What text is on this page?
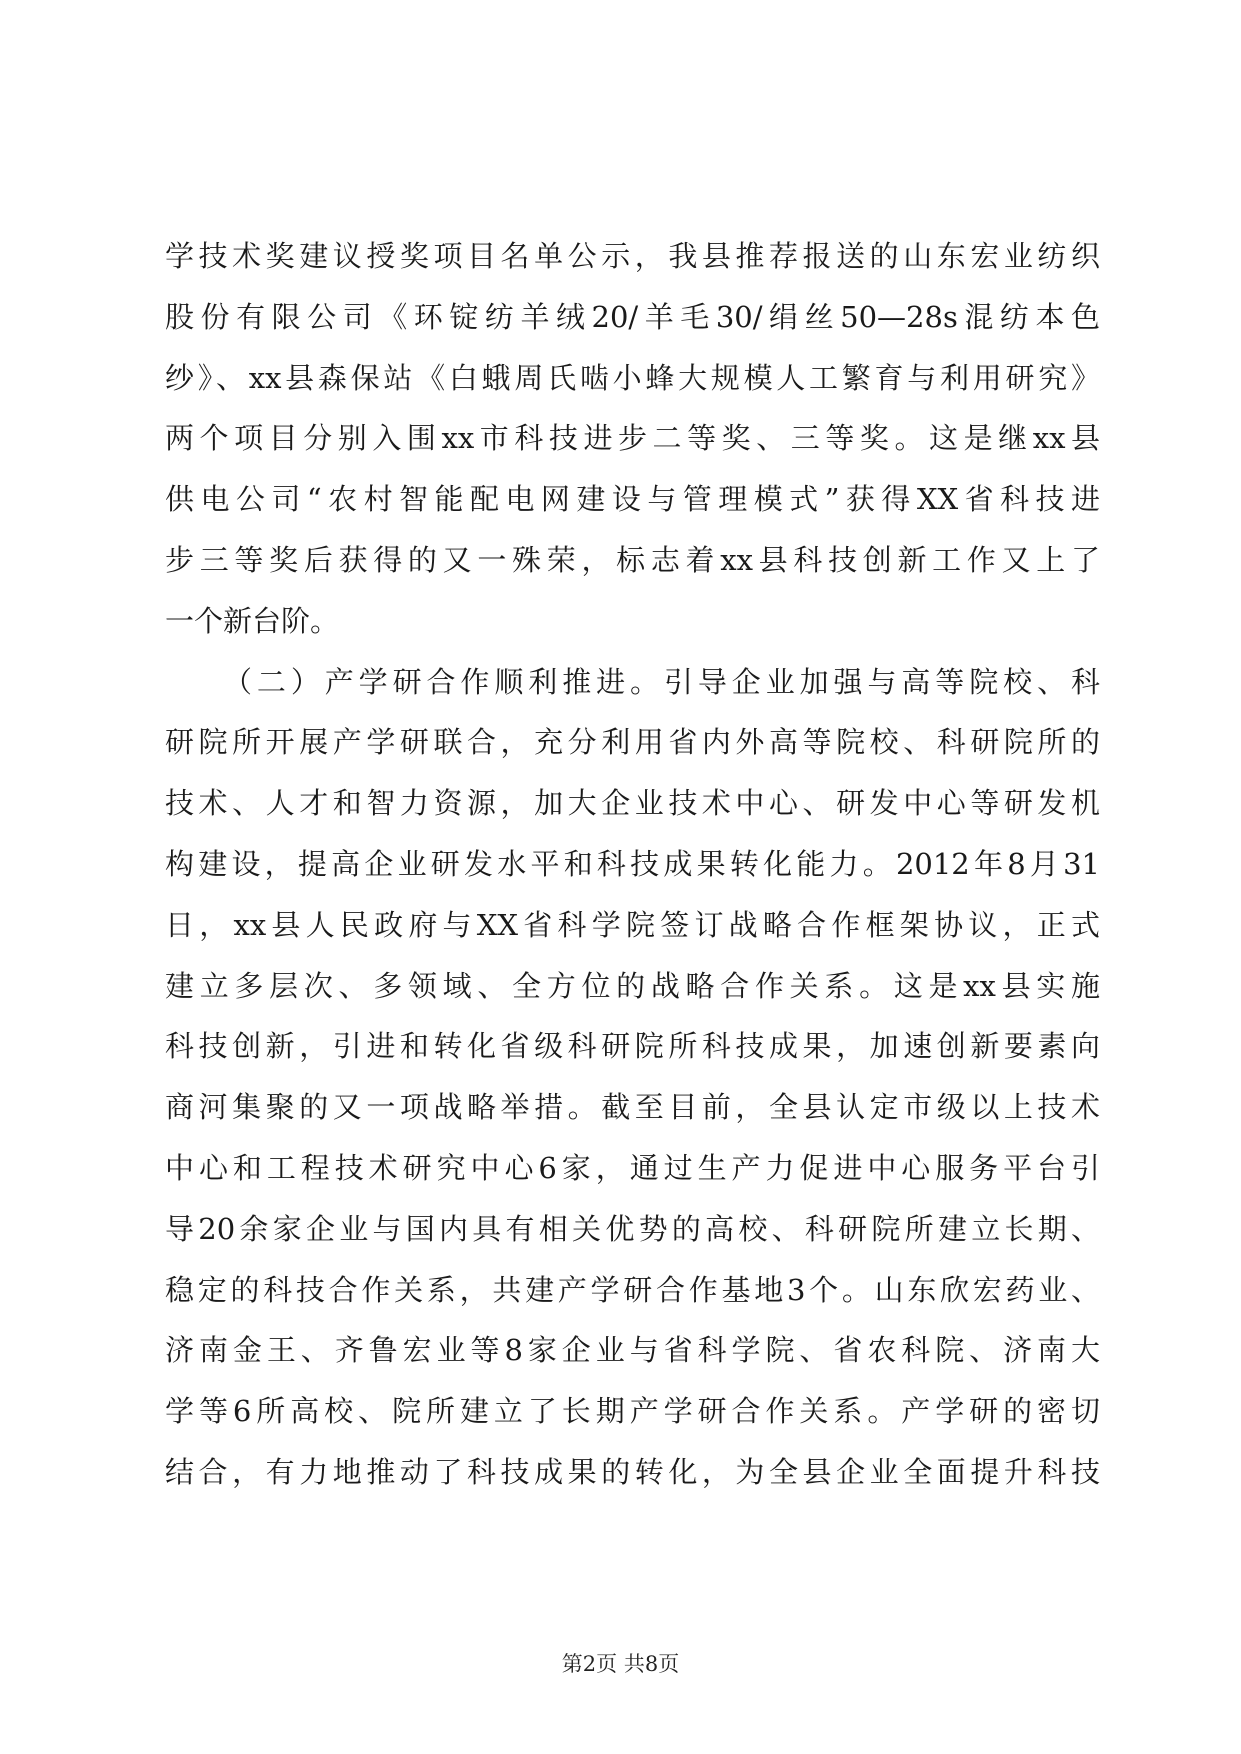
学技术奖建议授奖项目名单公示，我县推荐报送的山东宏业纺织
股份有限公司《环锭纺羊绒20/羊毛30/绢丝50—28s混纺本色
纱》、xx县森保站《白蛾周氏啮小蜂大规模人工繁育与利用研究》
两个项目分别入围xx市科技进步二等奖、三等奖。这是继xx县
供电公司“农村智能配电网建设与管理模式”获得XX省科技进
步三等奖后获得的又一殊荣，标志着xx县科技创新工作又上了
一个新台阶。
（二）产学研合作顺利推进。引导企业加强与高等院校、科
研院所开展产学研联合，充分利用省内外高等院校、科研院所的
技术、人才和智力资源，加大企业技术中心、研发中心等研发机
构建设，提高企业研发水平和科技成果转化能力。2012年8月31
日，xx县人民政府与XX省科学院签订战略合作框架协议，正式
建立多层次、多领域、全方位的战略合作关系。这是xx县实施
科技创新，引进和转化省级科研院所科技成果，加速创新要素向
商河集聚的又一项战略举措。截至目前，全县认定市级以上技术
中心和工程技术研究中心6家，通过生产力促进中心服务平台引
导20余家企业与国内具有相关优势的高校、科研院所建立长期、
稳定的科技合作关系，共建产学研合作基地3个。山东欣宏药业、
济南金王、齐鲁宏业等8家企业与省科学院、省农科院、济南大
学等6所高校、院所建立了长期产学研合作关系。产学研的密切
结合，有力地推动了科技成果的转化，为全县企业全面提升科技
第2页 共8页
